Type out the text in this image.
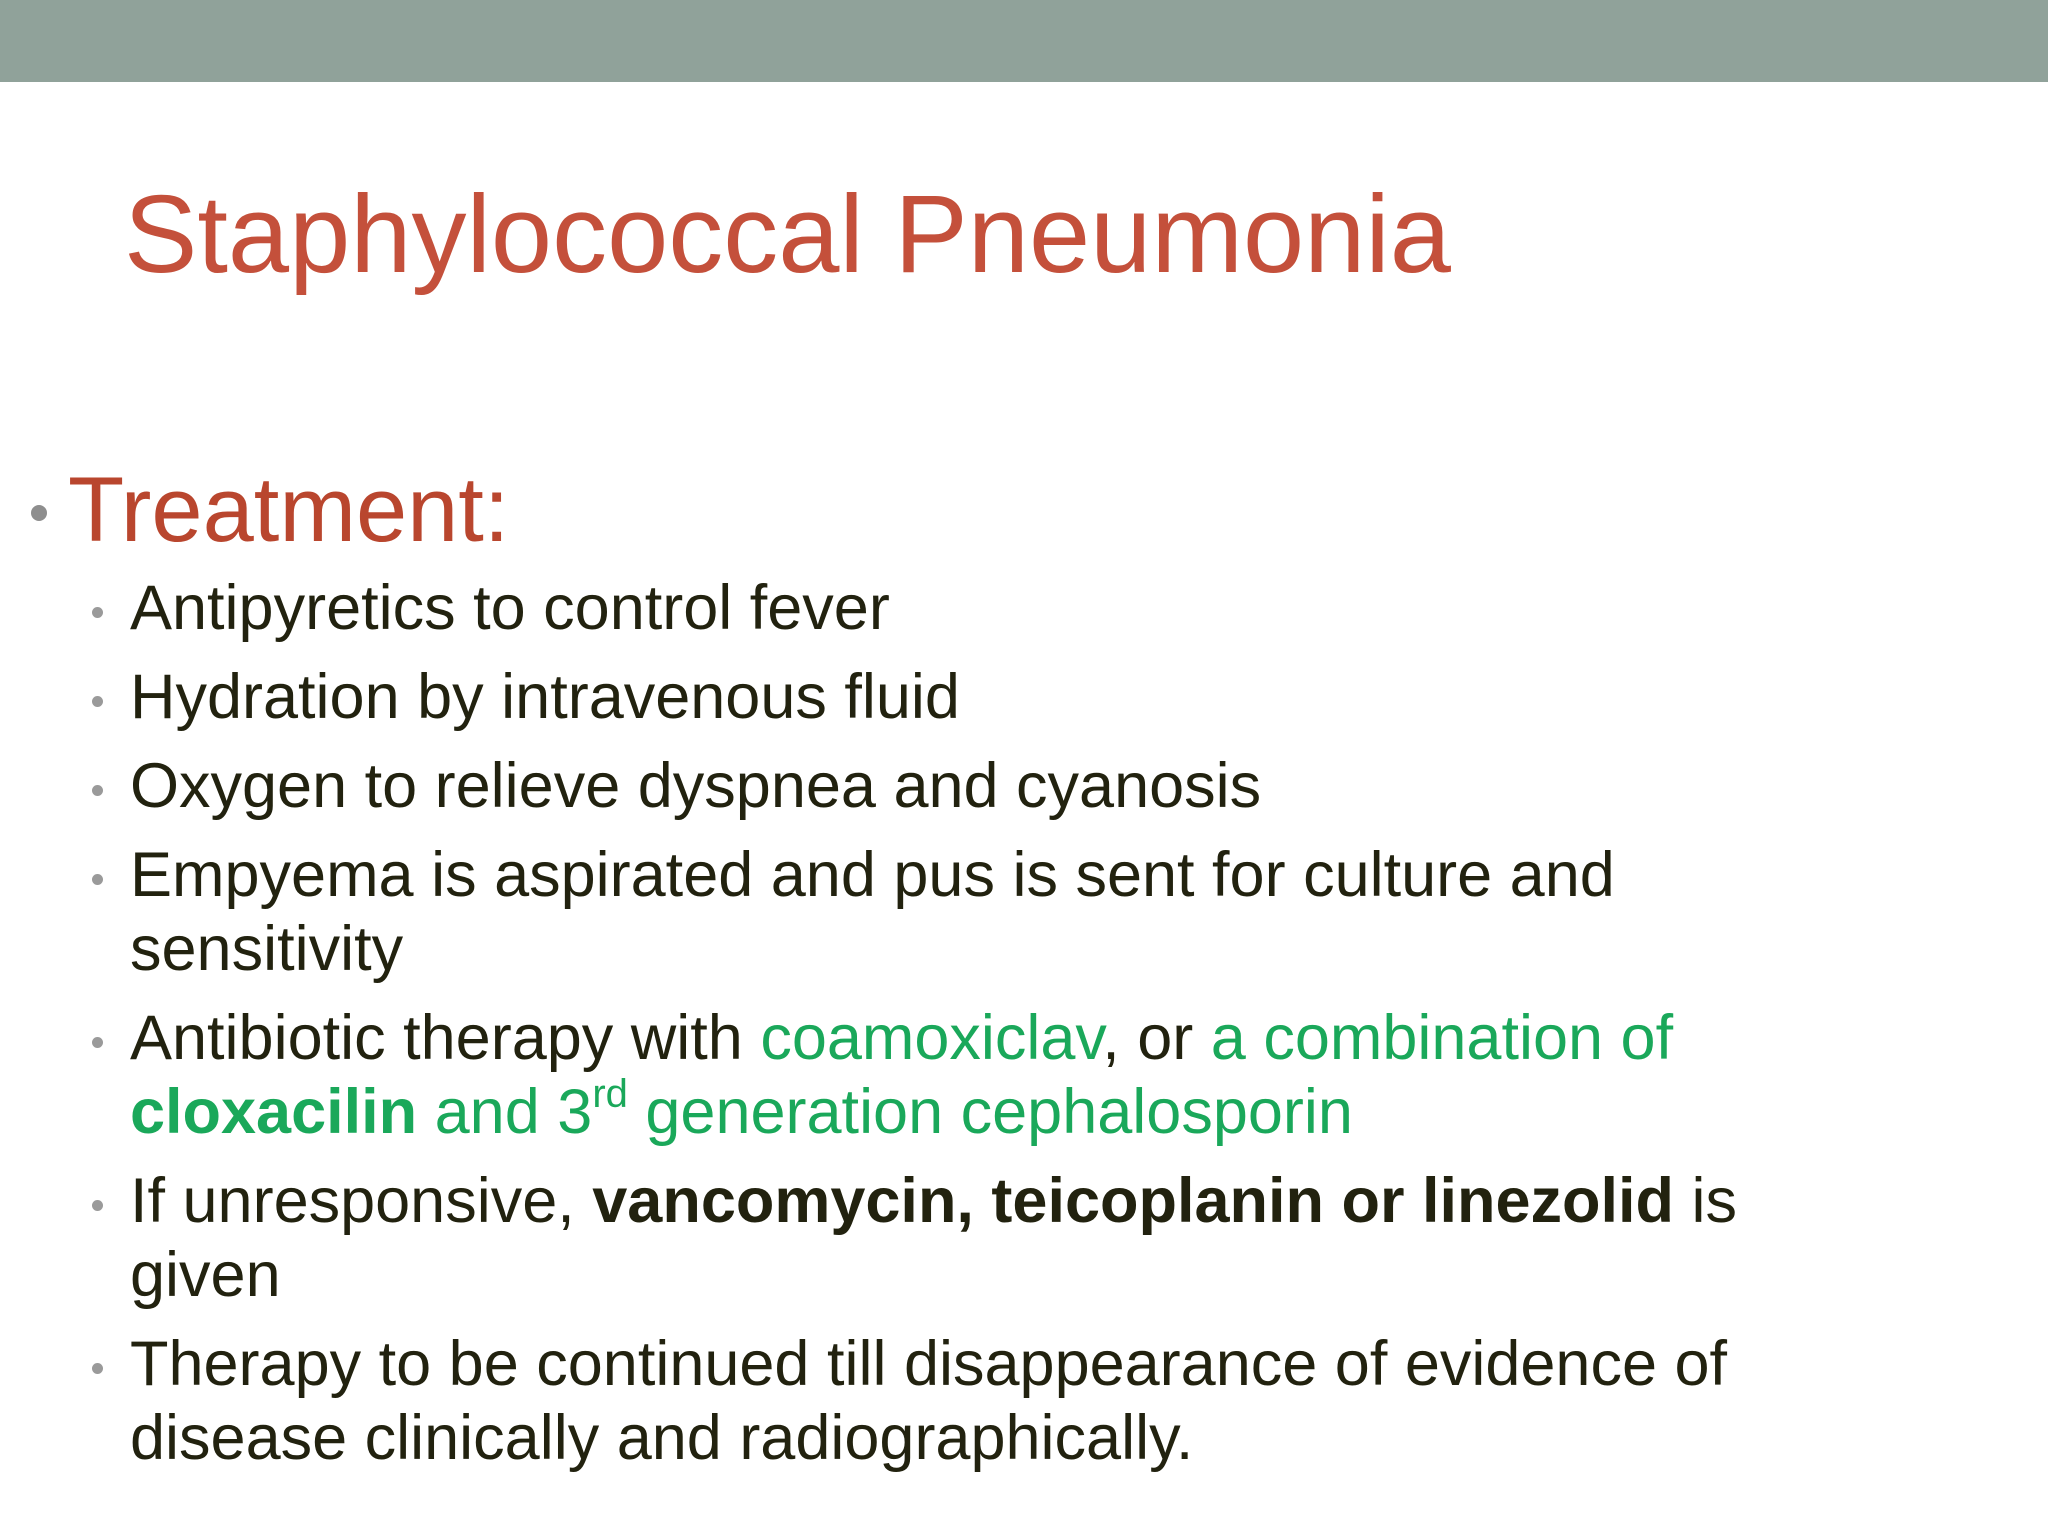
Staphylococcal Pneumonia
Treatment:
Antipyretics to control fever
Hydration by intravenous fluid
Oxygen to relieve dyspnea and cyanosis
Empyema is aspirated and pus is sent for culture and
sensitivity
Antibiotic therapy with coamoxiclav, or a combination of
cloxacilin and 3rd generation cephalosporin
If unresponsive, vancomycin, teicoplanin or linezolid is
given
Therapy to be continued till disappearance of evidence of
disease clinically and radiographically.
